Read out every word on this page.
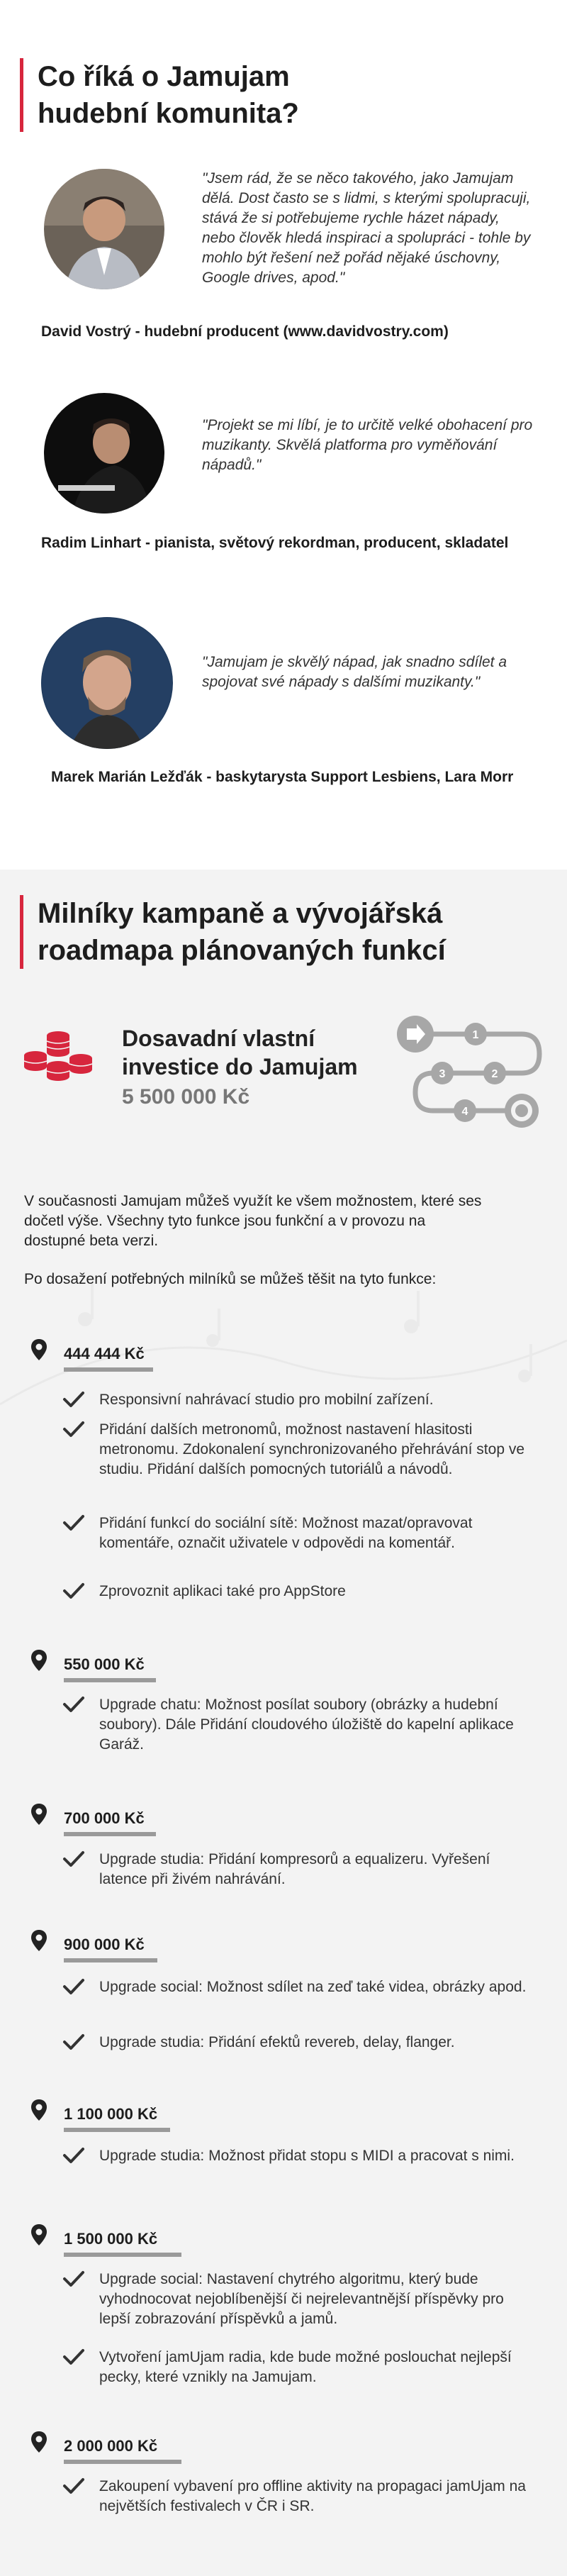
Co říká o Jamujam
hudební komunita?
"Jsem rád, že se něco takového, jako Jamujam dělá. Dost často se s lidmi, s kterými spolupracuji, stává že si potřebujeme rychle házet nápady, nebo člověk hledá inspiraci a spolupráci - tohle by mohlo být řešení než pořád nějaké úschovny, Google drives, apod."
David Vostrý - hudební producent (www.davidvostry.com)
"Projekt se mi líbí, je to určitě velké obohacení pro muzikanty. Skvělá platforma pro vyměňování nápadů."
Radim Linhart - pianista, světový rekordman, producent, skladatel
"Jamujam je skvělý nápad, jak snadno sdílet a spojovat své nápady s dalšími muzikanty."
Marek Marián Ležďák - baskytarysta Support Lesbiens, Lara Morr
Milníky kampaně a vývojářská
roadmapa plánovaných funkcí
Dosavadní vlastní investice do Jamujam
5 500 000 Kč
1
2
3
4
V současnosti Jamujam můžeš využít ke všem možnostem, které ses dočetl výše. Všechny tyto funkce jsou funkční a v provozu na dostupné beta verzi.
Po dosažení potřebných milníků se můžeš těšit na tyto funkce:
444 444 Kč
Responsivní nahrávací studio pro mobilní zařízení.
Přidání dalších metronomů, možnost nastavení hlasitosti metronomu. Zdokonalení synchronizovaného přehrávání stop ve studiu. Přidání dalších pomocných tutoriálů a návodů.
Přidání funkcí do sociální sítě: Možnost mazat/opravovat komentáře, označit uživatele v odpovědi na komentář.
Zprovoznit aplikaci také pro AppStore
550 000 Kč
Upgrade chatu: Možnost posílat soubory (obrázky a hudební soubory). Dále Přidání cloudového úložiště do kapelní aplikace Garáž.
700 000 Kč
Upgrade studia: Přidání kompresorů a equalizeru. Vyřešení latence při živém nahrávání.
900 000 Kč
Upgrade social: Možnost sdílet na zeď také videa, obrázky apod.
Upgrade studia: Přidání efektů revereb, delay, flanger.
1 100 000 Kč
Upgrade studia: Možnost přidat stopu s MIDI a pracovat s nimi.
1 500 000 Kč
Upgrade social: Nastavení chytrého algoritmu, který bude vyhodnocovat nejoblíbenější či nejrelevantnější příspěvky pro lepší zobrazování příspěvků a jamů.
Vytvoření jamUjam radia, kde bude možné poslouchat nejlepší pecky, které vznikly na Jamujam.
2 000 000 Kč
Zakoupení vybavení pro offline aktivity na propagaci jamUjam na největších festivalech v ČR i SR.
